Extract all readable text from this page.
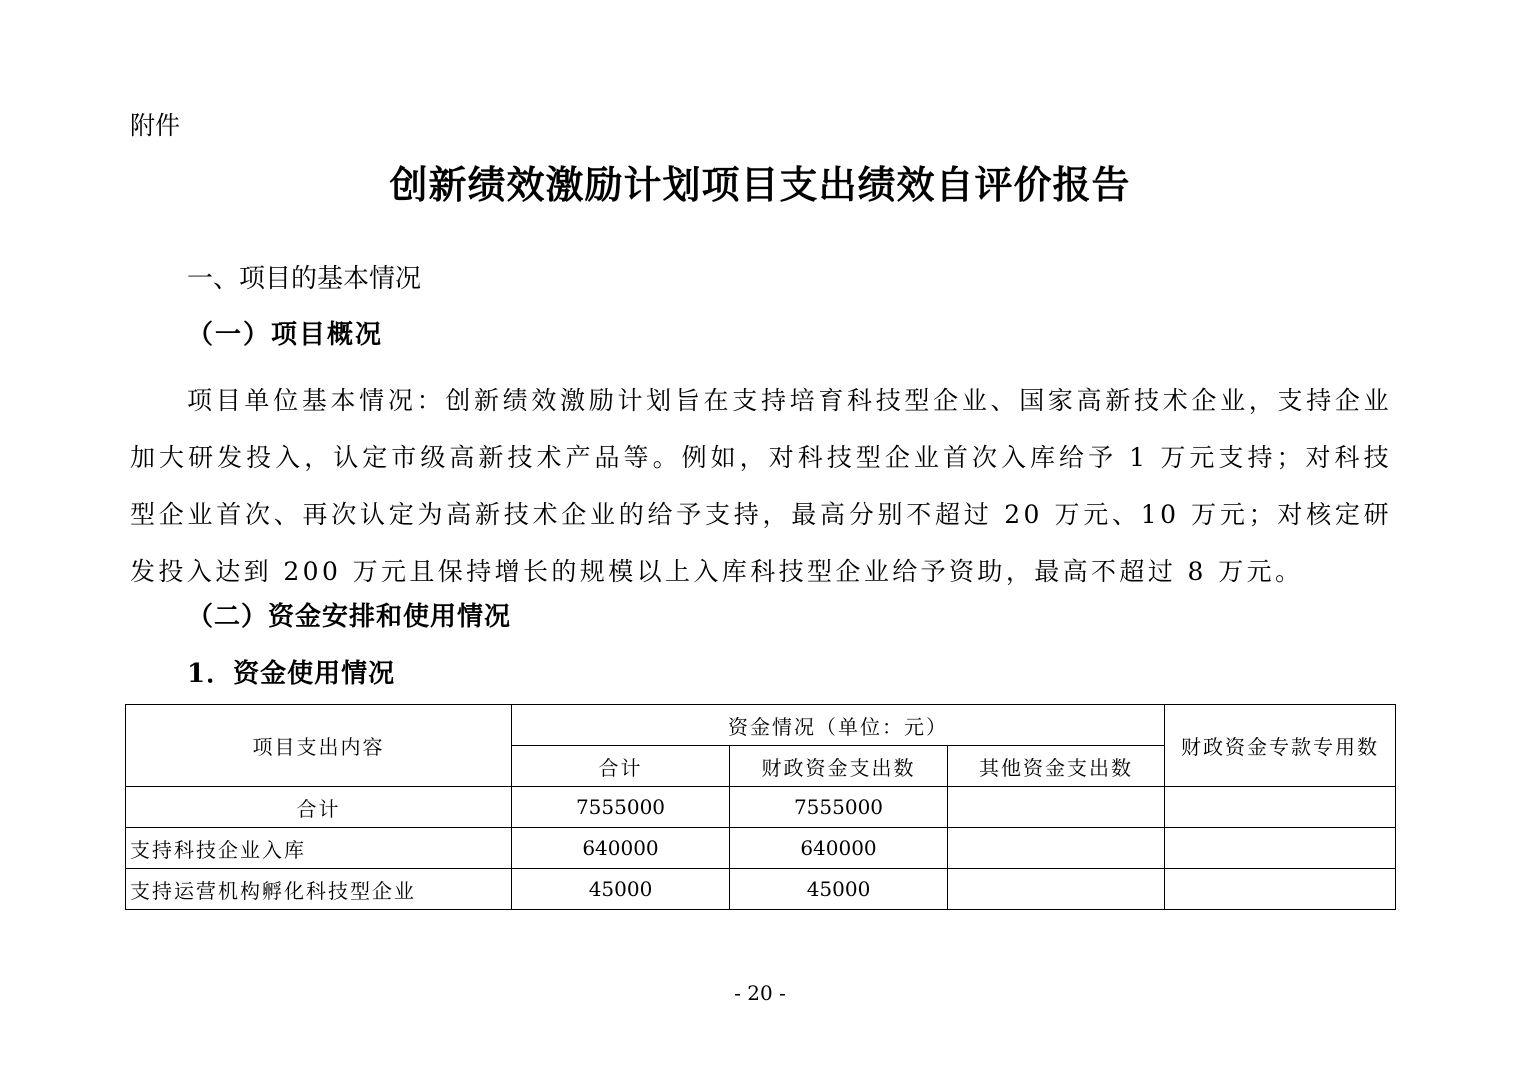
附件
创新绩效激励计划项目支出绩效自评价报告
一、项目的基本情况
（一）项目概况
项目单位基本情况：创新绩效激励计划旨在支持培育科技型企业、国家高新技术企业，支持企业加大研发投入，认定市级高新技术产品等。例如，对科技型企业首次入库给予 1 万元支持；对科技型企业首次、再次认定为高新技术企业的给予支持，最高分别不超过 20 万元、10 万元；对核定研发投入达到 200 万元且保持增长的规模以上入库科技型企业给予资助，最高不超过 8 万元。
（二）资金安排和使用情况
1．资金使用情况
项目支出内容	资金情况（单位：元）			财政资金专款专用数
	合计	财政资金支出数	其他资金支出数	
合计	7555000	7555000		
支持科技企业入库	640000	640000		
支持运营机构孵化科技型企业	45000	45000		
- 20 -
